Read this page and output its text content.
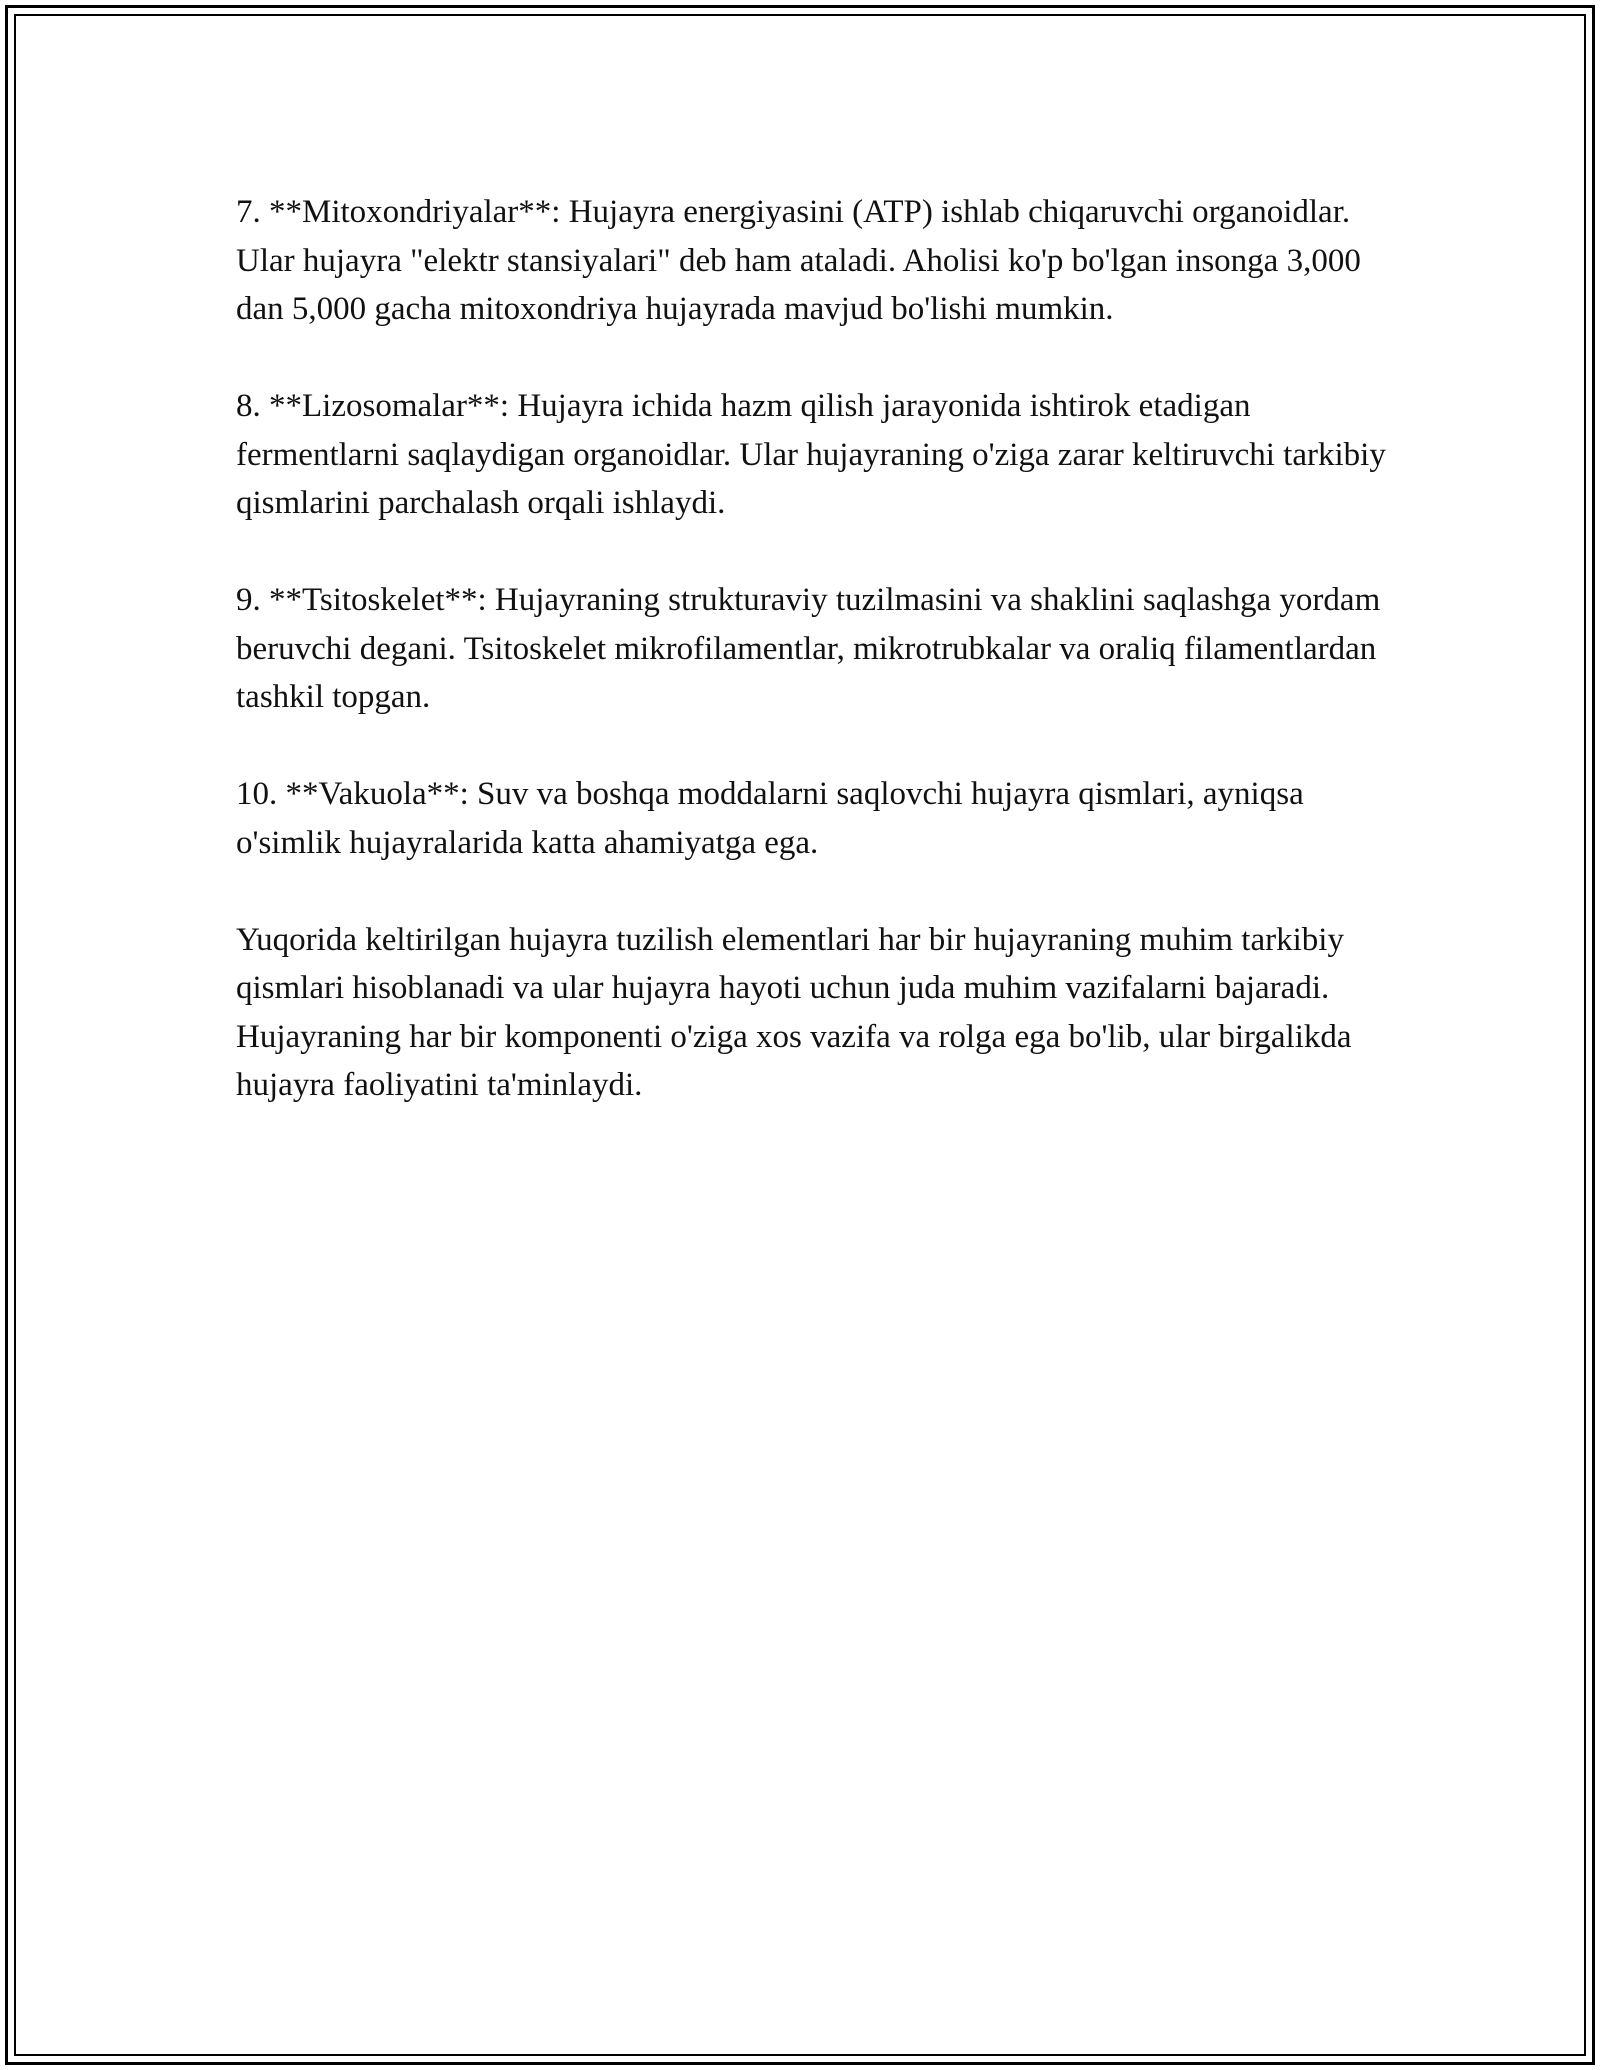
7. **Mitoxondriyalar**: Hujayra energiyasini (ATP) ishlab chiqaruvchi organoidlar. Ular hujayra "elektr stansiyalari" deb ham ataladi. Aholisi ko'p bo'lgan insonga 3,000 dan 5,000 gacha mitoxondriya hujayrada mavjud bo'lishi mumkin.

8. **Lizosomalar**: Hujayra ichida hazm qilish jarayonida ishtirok etadigan fermentlarni saqlaydigan organoidlar. Ular hujayraning o'ziga zarar keltiruvchi tarkibiy qismlarini parchalash orqali ishlaydi.

9. **Tsitoskelet**: Hujayraning strukturaviy tuzilmasini va shaklini saqlashga yordam beruvchi degani. Tsitoskelet mikrofilamentlar, mikrotrubkalar va oraliq filamentlardan tashkil topgan.

10. **Vakuola**: Suv va boshqa moddalarni saqlovchi hujayra qismlari, ayniqsa o'simlik hujayralarida katta ahamiyatga ega.

Yuqorida keltirilgan hujayra tuzilish elementlari har bir hujayraning muhim tarkibiy qismlari hisoblanadi va ular hujayra hayoti uchun juda muhim vazifalarni bajaradi. Hujayraning har bir komponenti o'ziga xos vazifa va rolga ega bo'lib, ular birgalikda hujayra faoliyatini ta'minlaydi.
